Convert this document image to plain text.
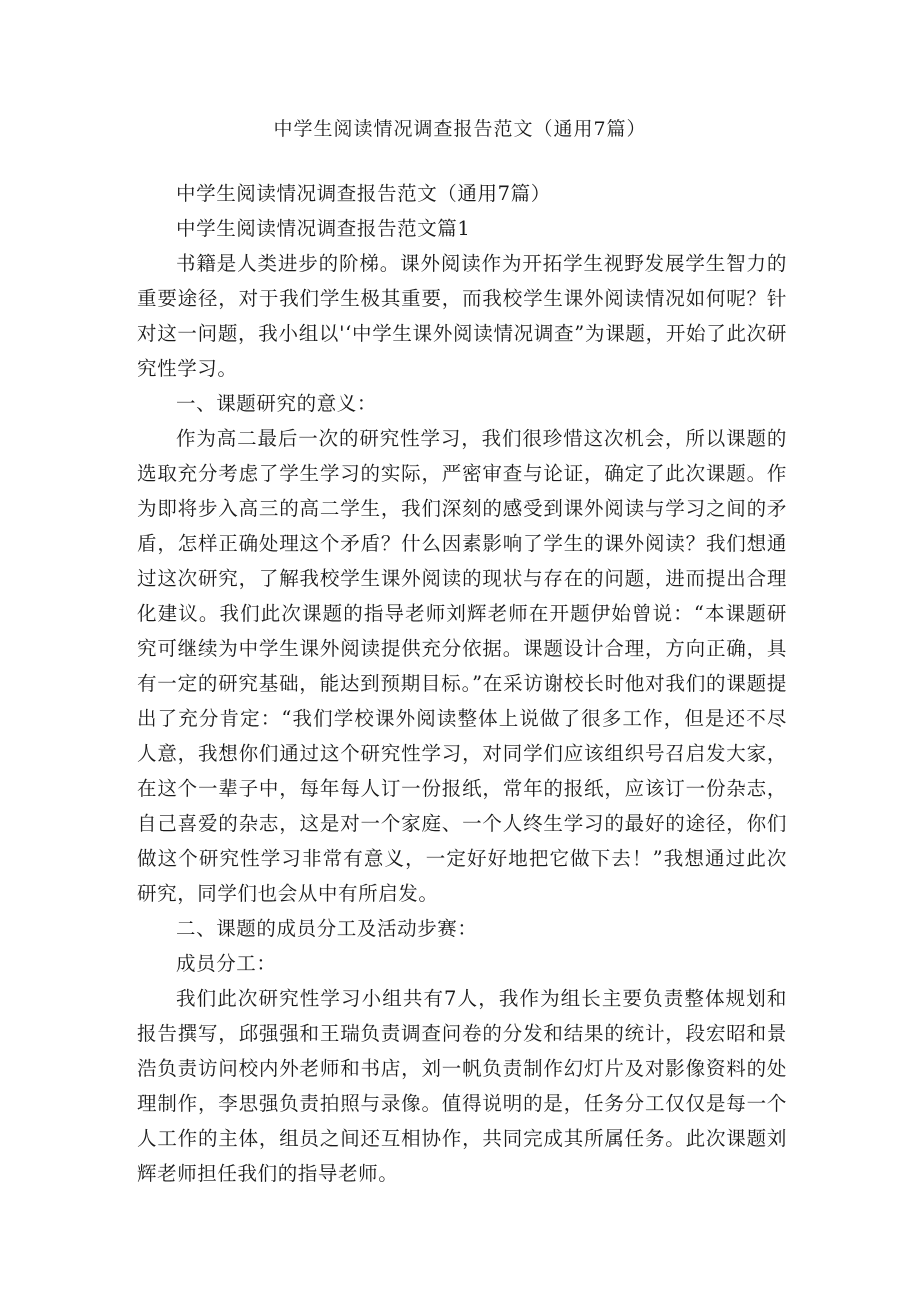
中学生阅读情况调查报告范文（通用7篇）

中学生阅读情况调查报告范文（通用7篇）

中学生阅读情况调查报告范文篇1

书籍是人类进步的阶梯。课外阅读作为开拓学生视野发展学生智力的重要途径，对于我们学生极其重要，而我校学生课外阅读情况如何呢？针对这一问题，我小组以'‘中学生课外阅读情况调查”为课题，开始了此次研究性学习。

一、课题研究的意义：

作为高二最后一次的研究性学习，我们很珍惜这次机会，所以课题的选取充分考虑了学生学习的实际，严密审查与论证，确定了此次课题。作为即将步入高三的高二学生，我们深刻的感受到课外阅读与学习之间的矛盾，怎样正确处理这个矛盾？什么因素影响了学生的课外阅读？我们想通过这次研究，了解我校学生课外阅读的现状与存在的问题，进而提出合理化建议。我们此次课题的指导老师刘辉老师在开题伊始曾说：“本课题研究可继续为中学生课外阅读提供充分依据。课题设计合理，方向正确，具有一定的研究基础，能达到预期目标。”在采访谢校长时他对我们的课题提出了充分肯定：“我们学校课外阅读整体上说做了很多工作，但是还不尽人意，我想你们通过这个研究性学习，对同学们应该组织号召启发大家，在这个一辈子中，每年每人订一份报纸，常年的报纸，应该订一份杂志，自己喜爱的杂志，这是对一个家庭、一个人终生学习的最好的途径，你们做这个研究性学习非常有意义，一定好好地把它做下去！”我想通过此次研究，同学们也会从中有所启发。

二、课题的成员分工及活动步赛：

成员分工：

我们此次研究性学习小组共有7人，我作为组长主要负责整体规划和报告撰写，邱强强和王瑞负责调查问卷的分发和结果的统计，段宏昭和景浩负责访问校内外老师和书店，刘一帆负责制作幻灯片及对影像资料的处理制作，李思强负责拍照与录像。值得说明的是，任务分工仅仅是每一个人工作的主体，组员之间还互相协作，共同完成其所属任务。此次课题刘辉老师担任我们的指导老师。
